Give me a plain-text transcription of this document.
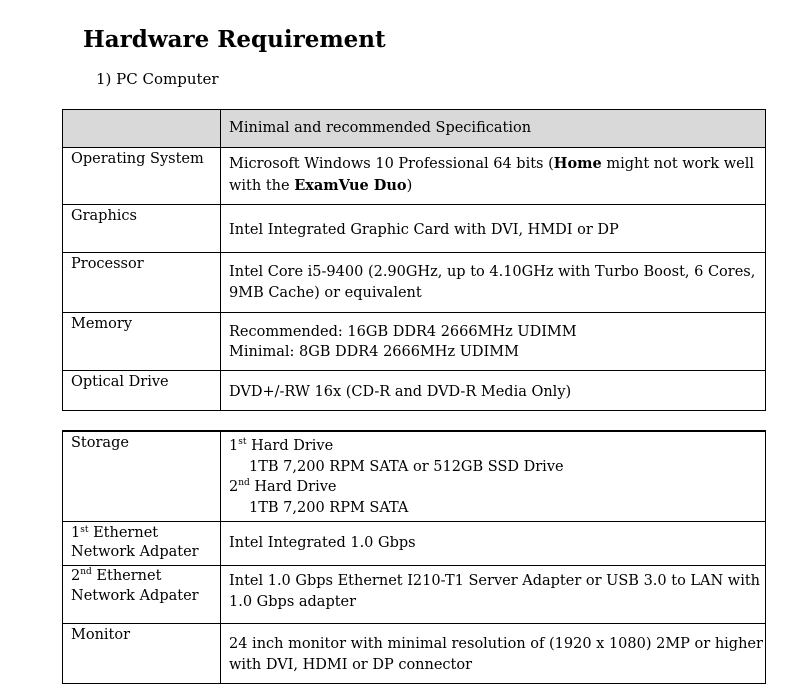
Hardware Requirement
1) PC Computer
	Minimal and recommended Specification
Operating System	Microsoft Windows 10 Professional 64 bits (Home might not work well with the ExamVue Duo)
Graphics	Intel Integrated Graphic Card with DVI, HMDI or DP
Processor	Intel Core i5-9400 (2.90GHz, up to 4.10GHz with Turbo Boost, 6 Cores, 9MB Cache) or equivalent
Memory	Recommended: 16GB DDR4 2666MHz UDIMM
Minimal: 8GB DDR4 2666MHz UDIMM

Optical Drive	DVD+/-RW 16x (CD-R and DVD-R Media Only)
Storage	1st Hard Drive
1TB 7,200 RPM SATA or 512GB SSD Drive
2nd Hard Drive
1TB 7,200 RPM SATA

1st Ethernet
Network Adpater	Intel Integrated 1.0 Gbps

2nd Ethernet
Network Adpater	Intel 1.0 Gbps Ethernet I210-T1 Server Adapter or USB 3.0 to LAN with 1.0 Gbps adapter
Monitor	24 inch monitor with minimal resolution of (1920 x 1080) 2MP or higher with DVI, HDMI or DP connector
